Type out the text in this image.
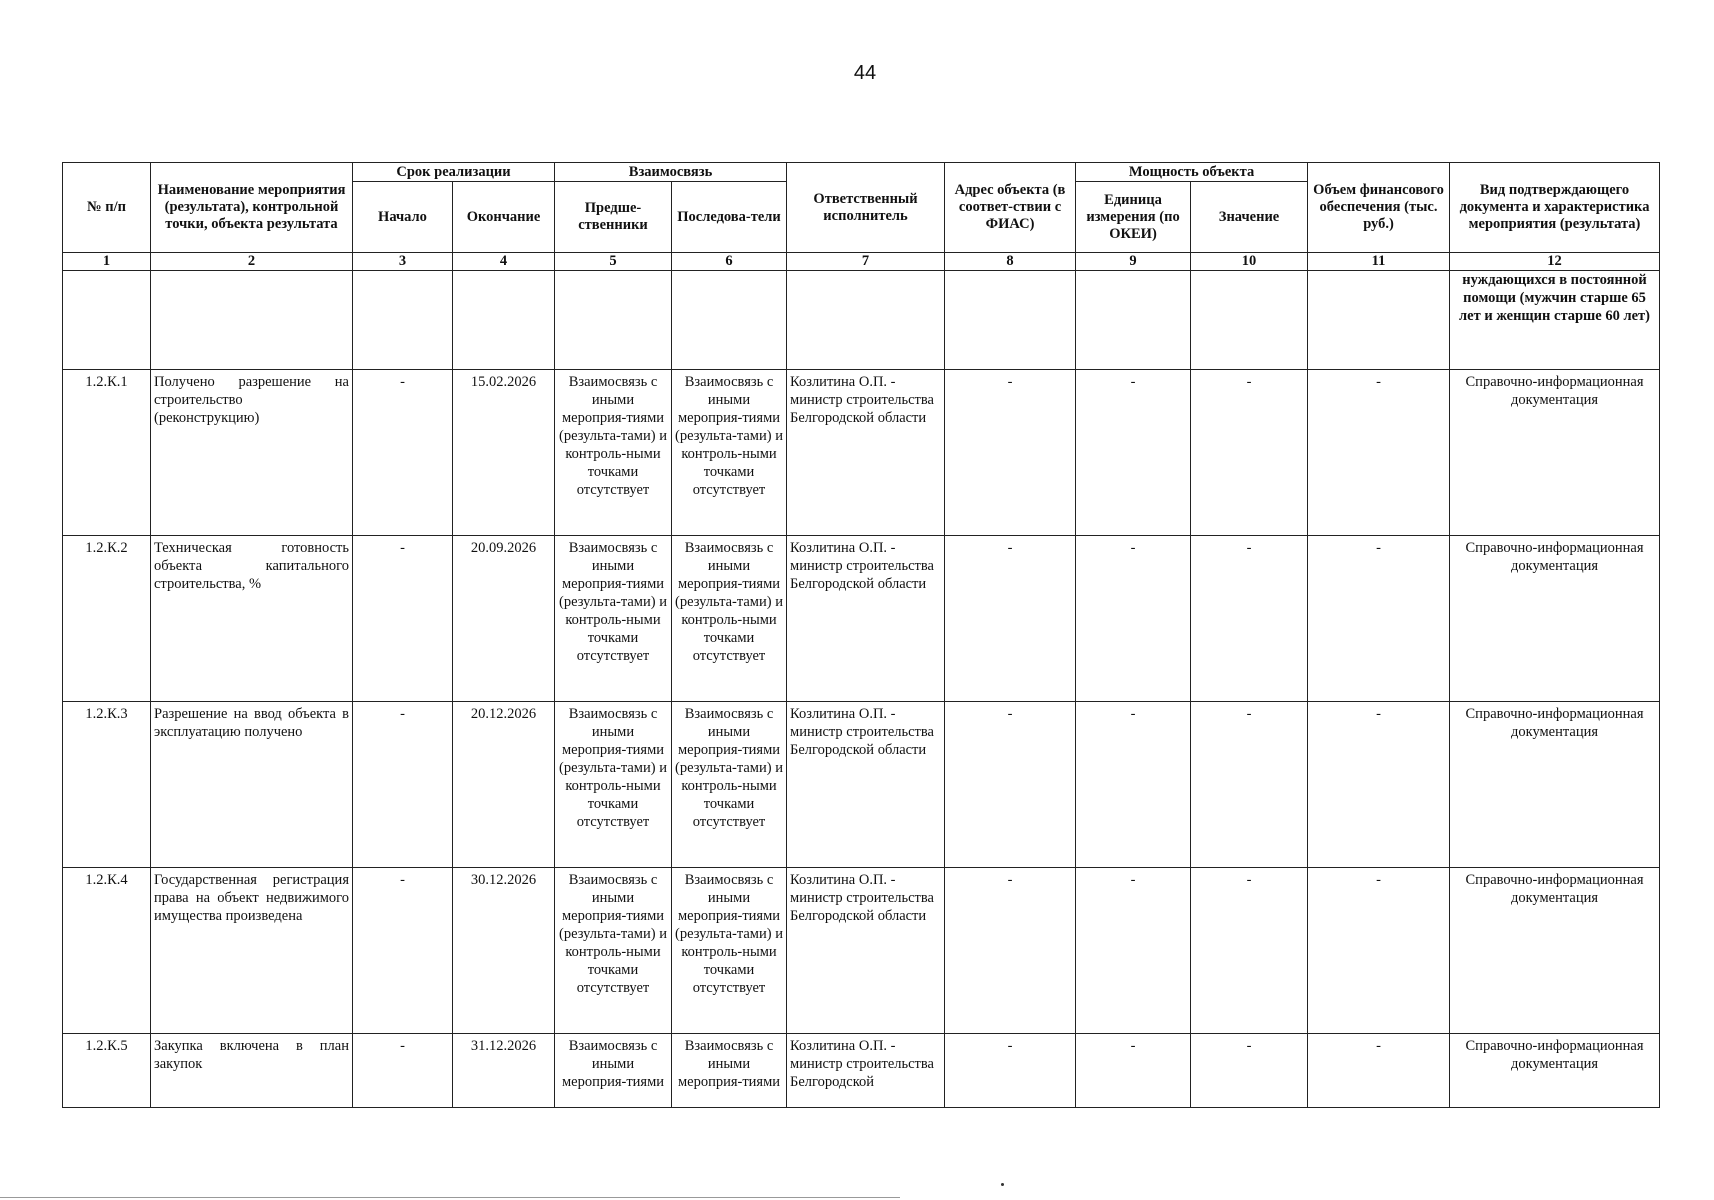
44
№ п/п	Наименование мероприятия (результата), контрольной точки, объекта результата	Срок реализации		Взаимосвязь		Ответственный исполнитель	Адрес объекта (в соответ-ствии с ФИАС)	Мощность объекта		Объем финансового обеспечения (тыс. руб.)	Вид подтверждающего документа и характеристика мероприятия (результата)
		Начало	Окончание	Предше-ственники	Последова-тели			Единица измерения (по ОКЕИ)	Значение		
1	2	3	4	5	6	7	8	9	10	11	12
											нуждающихся в постоянной помощи (мужчин старше 65 лет и женщин старше 60 лет)
1.2.К.1	Получено разрешение на строительство (реконструкцию)	-	15.02.2026	Взаимосвязь с иными мероприя-тиями (результа-тами) и контроль-ными точками отсутствует	Взаимосвязь с иными мероприя-тиями (результа-тами) и контроль-ными точками отсутствует	Козлитина О.П. - министр строительства Белгородской области	-	-	-	-	Справочно-информационная документация
1.2.К.2	Техническая готовность объекта капитального строительства, %	-	20.09.2026	Взаимосвязь с иными мероприя-тиями (результа-тами) и контроль-ными точками отсутствует	Взаимосвязь с иными мероприя-тиями (результа-тами) и контроль-ными точками отсутствует	Козлитина О.П. - министр строительства Белгородской области	-	-	-	-	Справочно-информационная документация
1.2.К.3	Разрешение на ввод объекта в эксплуатацию получено	-	20.12.2026	Взаимосвязь с иными мероприя-тиями (результа-тами) и контроль-ными точками отсутствует	Взаимосвязь с иными мероприя-тиями (результа-тами) и контроль-ными точками отсутствует	Козлитина О.П. - министр строительства Белгородской области	-	-	-	-	Справочно-информационная документация
1.2.К.4	Государственная регистрация права на объект недвижимого имущества произведена	-	30.12.2026	Взаимосвязь с иными мероприя-тиями (результа-тами) и контроль-ными точками отсутствует	Взаимосвязь с иными мероприя-тиями (результа-тами) и контроль-ными точками отсутствует	Козлитина О.П. - министр строительства Белгородской области	-	-	-	-	Справочно-информационная документация
1.2.К.5	Закупка включена в план закупок	-	31.12.2026	Взаимосвязь с иными мероприя-тиями	Взаимосвязь с иными мероприя-тиями	Козлитина О.П. - министр строительства Белгородской	-	-	-	-	Справочно-информационная документация
